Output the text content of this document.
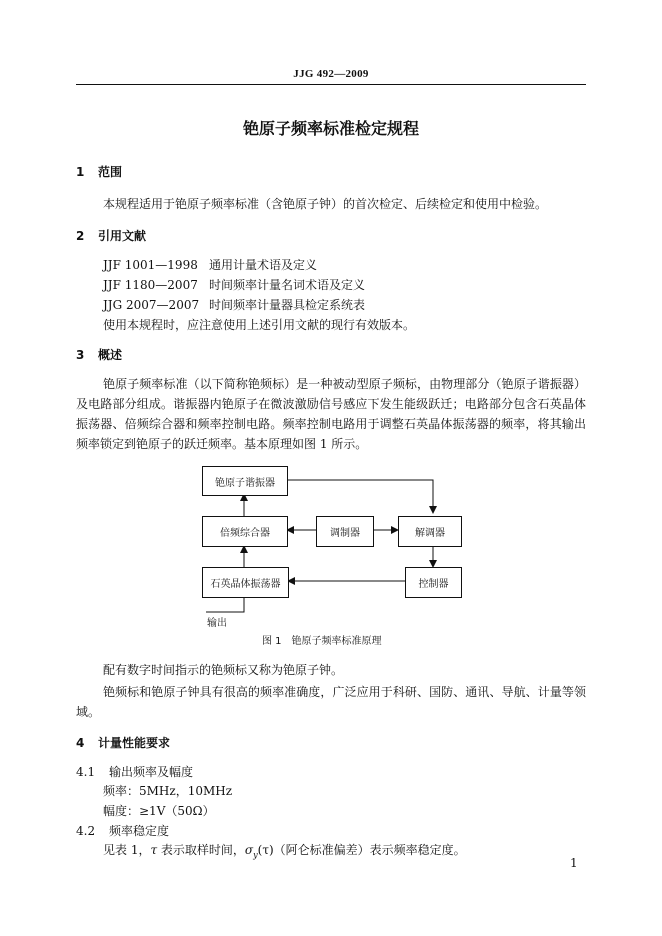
JJG 492—2009
铯原子频率标准检定规程
1 范围
本规程适用于铯原子频率标准（含铯原子钟）的首次检定、后续检定和使用中检验。
2 引用文献
JJF 1001—1998 通用计量术语及定义
JJF 1180—2007 时间频率计量名词术语及定义
JJG 2007—2007 时间频率计量器具检定系统表
使用本规程时，应注意使用上述引用文献的现行有效版本。
3 概述
铯原子频率标准（以下简称铯频标）是一种被动型原子频标，由物理部分（铯原子谐振器）及电路部分组成。谐振器内铯原子在微波激励信号感应下发生能级跃迁；电路部分包含石英晶体振荡器、倍频综合器和频率控制电路。频率控制电路用于调整石英晶体振荡器的频率，将其输出频率锁定到铯原子的跃迁频率。基本原理如图 1 所示。
铯原子谐振器
倍频综合器	调制器	解调器
石英晶体振荡器	控制器
输出
图 1　铯原子频率标准原理
配有数字时间指示的铯频标又称为铯原子钟。
铯频标和铯原子钟具有很高的频率准确度，广泛应用于科研、国防、通讯、导航、计量等领域。
4 计量性能要求
4.1 输出频率及幅度
频率：5MHz，10MHz
幅度：≥1V（50Ω）
4.2 频率稳定度
见表 1，τ 表示取样时间，$\sigma_y(\tau)$（阿仑标准偏差）表示频率稳定度。
1
